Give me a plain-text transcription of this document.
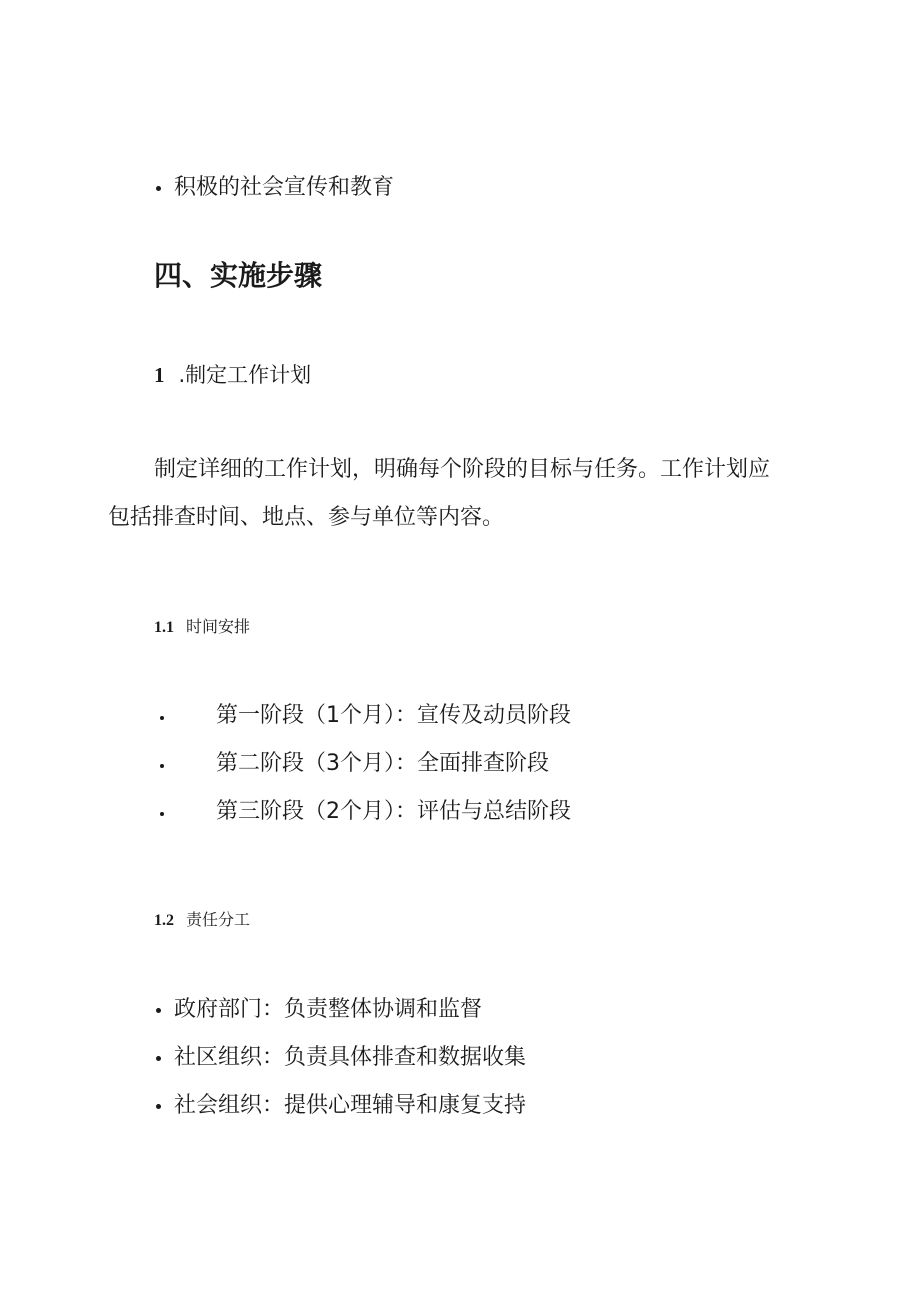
积极的社会宣传和教育
四、实施步骤
1 .制定工作计划
制定详细的工作计划，明确每个阶段的目标与任务。工作计划应
包括排查时间、地点、参与单位等内容。
1.1 时间安排
第一阶段（1个月）：宣传及动员阶段
第二阶段（3个月）：全面排查阶段
第三阶段（2个月）：评估与总结阶段
1.2 责任分工
政府部门：负责整体协调和监督
社区组织：负责具体排查和数据收集
社会组织：提供心理辅导和康复支持
